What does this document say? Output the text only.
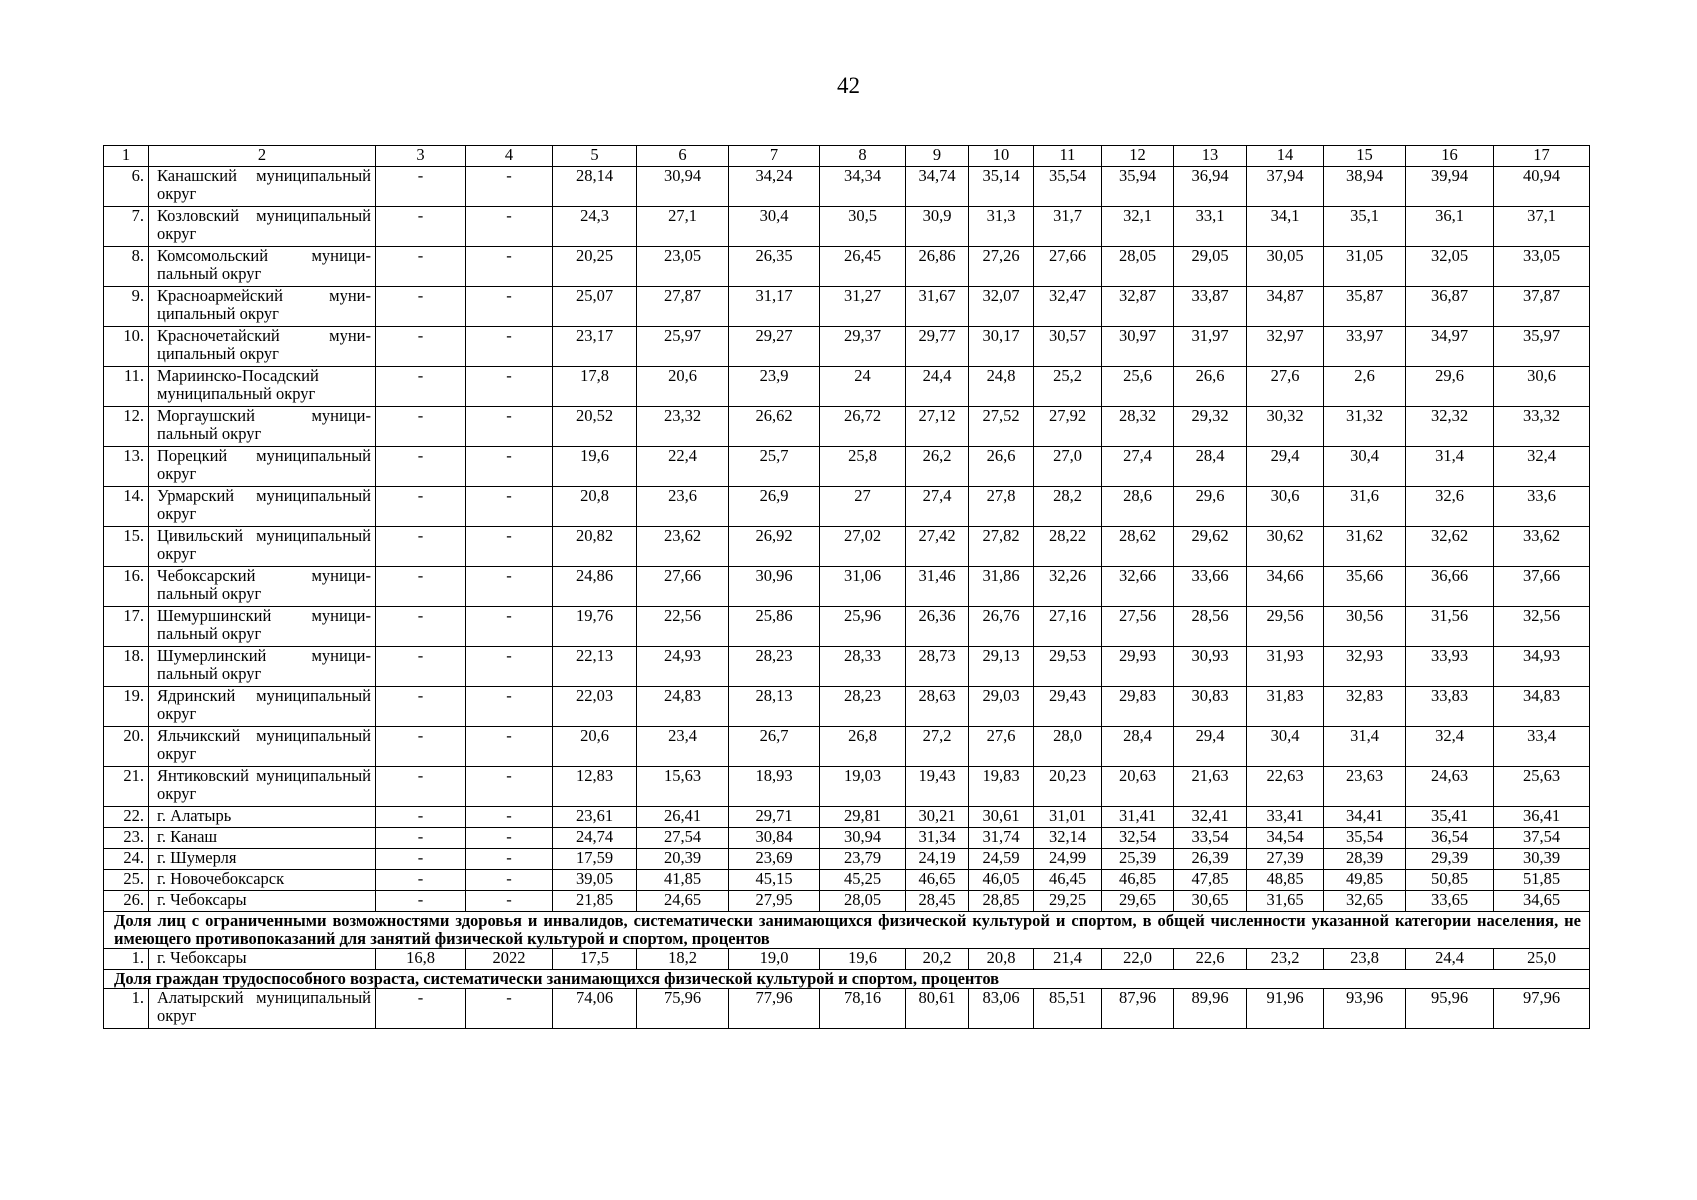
42
1	2	3	4	5	6	7	8	9	10	11	12	13	14	15	16	17
6.	Канашский муниципальный округ	-	-	28,14	30,94	34,24	34,34	34,74	35,14	35,54	35,94	36,94	37,94	38,94	39,94	40,94
7.	Козловский муниципальный округ	-	-	24,3	27,1	30,4	30,5	30,9	31,3	31,7	32,1	33,1	34,1	35,1	36,1	37,1
8.	Комсомольский муниципальный округ	-	-	20,25	23,05	26,35	26,45	26,86	27,26	27,66	28,05	29,05	30,05	31,05	32,05	33,05
9.	Красноармейский муниципальный округ	-	-	25,07	27,87	31,17	31,27	31,67	32,07	32,47	32,87	33,87	34,87	35,87	36,87	37,87
10.	Красночетайский муниципальный округ	-	-	23,17	25,97	29,27	29,37	29,77	30,17	30,57	30,97	31,97	32,97	33,97	34,97	35,97
11.	Мариинско-Посадский муниципальный округ	-	-	17,8	20,6	23,9	24	24,4	24,8	25,2	25,6	26,6	27,6	2,6	29,6	30,6
12.	Моргаушский муниципальный округ	-	-	20,52	23,32	26,62	26,72	27,12	27,52	27,92	28,32	29,32	30,32	31,32	32,32	33,32
13.	Порецкий муниципальный округ	-	-	19,6	22,4	25,7	25,8	26,2	26,6	27,0	27,4	28,4	29,4	30,4	31,4	32,4
14.	Урмарский муниципальный округ	-	-	20,8	23,6	26,9	27	27,4	27,8	28,2	28,6	29,6	30,6	31,6	32,6	33,6
15.	Цивильский муниципальный округ	-	-	20,82	23,62	26,92	27,02	27,42	27,82	28,22	28,62	29,62	30,62	31,62	32,62	33,62
16.	Чебоксарский муниципальный округ	-	-	24,86	27,66	30,96	31,06	31,46	31,86	32,26	32,66	33,66	34,66	35,66	36,66	37,66
17.	Шемуршинский муниципальный округ	-	-	19,76	22,56	25,86	25,96	26,36	26,76	27,16	27,56	28,56	29,56	30,56	31,56	32,56
18.	Шумерлинский муниципальный округ	-	-	22,13	24,93	28,23	28,33	28,73	29,13	29,53	29,93	30,93	31,93	32,93	33,93	34,93
19.	Ядринский муниципальный округ	-	-	22,03	24,83	28,13	28,23	28,63	29,03	29,43	29,83	30,83	31,83	32,83	33,83	34,83
20.	Яльчикский муниципальный округ	-	-	20,6	23,4	26,7	26,8	27,2	27,6	28,0	28,4	29,4	30,4	31,4	32,4	33,4
21.	Янтиковский муниципальный округ	-	-	12,83	15,63	18,93	19,03	19,43	19,83	20,23	20,63	21,63	22,63	23,63	24,63	25,63
22.	г. Алатырь	-	-	23,61	26,41	29,71	29,81	30,21	30,61	31,01	31,41	32,41	33,41	34,41	35,41	36,41
23.	г. Канаш	-	-	24,74	27,54	30,84	30,94	31,34	31,74	32,14	32,54	33,54	34,54	35,54	36,54	37,54
24.	г. Шумерля	-	-	17,59	20,39	23,69	23,79	24,19	24,59	24,99	25,39	26,39	27,39	28,39	29,39	30,39
25.	г. Новочебоксарск	-	-	39,05	41,85	45,15	45,25	46,65	46,05	46,45	46,85	47,85	48,85	49,85	50,85	51,85
26.	г. Чебоксары	-	-	21,85	24,65	27,95	28,05	28,45	28,85	29,25	29,65	30,65	31,65	32,65	33,65	34,65
Доля лиц с ограниченными возможностями здоровья и инвалидов, систематически занимающихся физической культурой и спортом, в общей численности указанной категории населения, не имеющего противопоказаний для занятий физической культурой и спортом, процентов																
1.	г. Чебоксары	16,8	2022	17,5	18,2	19,0	19,6	20,2	20,8	21,4	22,0	22,6	23,2	23,8	24,4	25,0
Доля граждан трудоспособного возраста, систематически занимающихся физической культурой и спортом, процентов																
1.	Алатырский муниципальный округ	-	-	74,06	75,96	77,96	78,16	80,61	83,06	85,51	87,96	89,96	91,96	93,96	95,96	97,96
